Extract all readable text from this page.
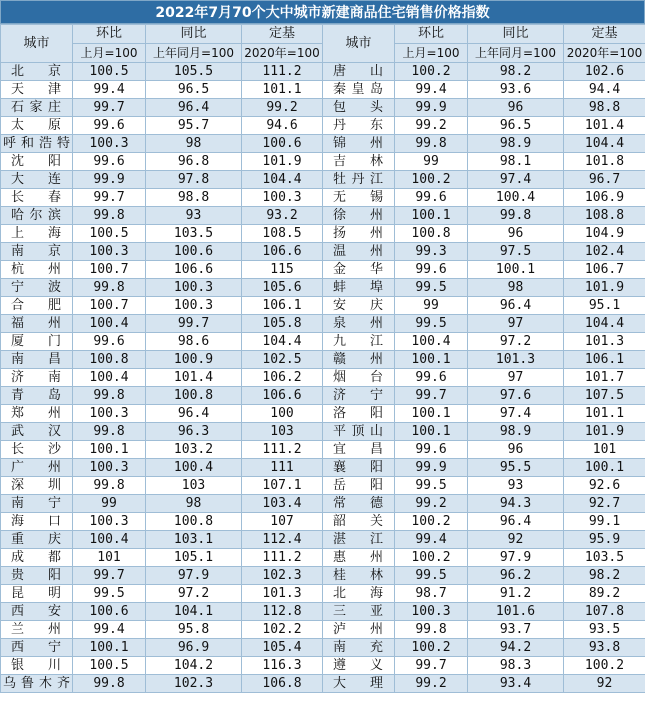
2022年7月70个大中城市新建商品住宅销售价格指数
城市	环比	同比	定基	城市	环比	同比	定基
	上月=100	上年同月=100	2020年=100		上月=100	上年同月=100	2020年=100
北　京	100.5	105.5	111.2	唐　山	100.2	98.2	102.6
天　津	99.4	96.5	101.1	秦皇岛	99.4	93.6	94.4
石家庄	99.7	96.4	99.2	包　头	99.9	96	98.8
太　原	99.6	95.7	94.6	丹　东	99.2	96.5	101.4
呼和浩特	100.3	98	100.6	锦　州	99.8	98.9	104.4
沈　阳	99.6	96.8	101.9	吉　林	99	98.1	101.8
大　连	99.9	97.8	104.4	牡丹江	100.2	97.4	96.7
长　春	99.7	98.8	100.3	无　锡	99.6	100.4	106.9
哈尔滨	99.8	93	93.2	徐　州	100.1	99.8	108.8
上　海	100.5	103.5	108.5	扬　州	100.8	96	104.9
南　京	100.3	100.6	106.6	温　州	99.3	97.5	102.4
杭　州	100.7	106.6	115	金　华	99.6	100.1	106.7
宁　波	99.8	100.3	105.6	蚌　埠	99.5	98	101.9
合　肥	100.7	100.3	106.1	安　庆	99	96.4	95.1
福　州	100.4	99.7	105.8	泉　州	99.5	97	104.4
厦　门	99.6	98.6	104.4	九　江	100.4	97.2	101.3
南　昌	100.8	100.9	102.5	赣　州	100.1	101.3	106.1
济　南	100.4	101.4	106.2	烟　台	99.6	97	101.7
青　岛	99.8	100.8	106.6	济　宁	99.7	97.6	107.5
郑　州	100.3	96.4	100	洛　阳	100.1	97.4	101.1
武　汉	99.8	96.3	103	平顶山	100.1	98.9	101.9
长　沙	100.1	103.2	111.2	宜　昌	99.6	96	101
广　州	100.3	100.4	111	襄　阳	99.9	95.5	100.1
深　圳	99.8	103	107.1	岳　阳	99.5	93	92.6
南　宁	99	98	103.4	常　德	99.2	94.3	92.7
海　口	100.3	100.8	107	韶　关	100.2	96.4	99.1
重　庆	100.4	103.1	112.4	湛　江	99.4	92	95.9
成　都	101	105.1	111.2	惠　州	100.2	97.9	103.5
贵　阳	99.7	97.9	102.3	桂　林	99.5	96.2	98.2
昆　明	99.5	97.2	101.3	北　海	98.7	91.2	89.2
西　安	100.6	104.1	112.8	三　亚	100.3	101.6	107.8
兰　州	99.4	95.8	102.2	泸　州	99.8	93.7	93.5
西　宁	100.1	96.9	105.4	南　充	100.2	94.2	93.8
银　川	100.5	104.2	116.3	遵　义	99.7	98.3	100.2
乌鲁木齐	99.8	102.3	106.8	大　理	99.2	93.4	92
